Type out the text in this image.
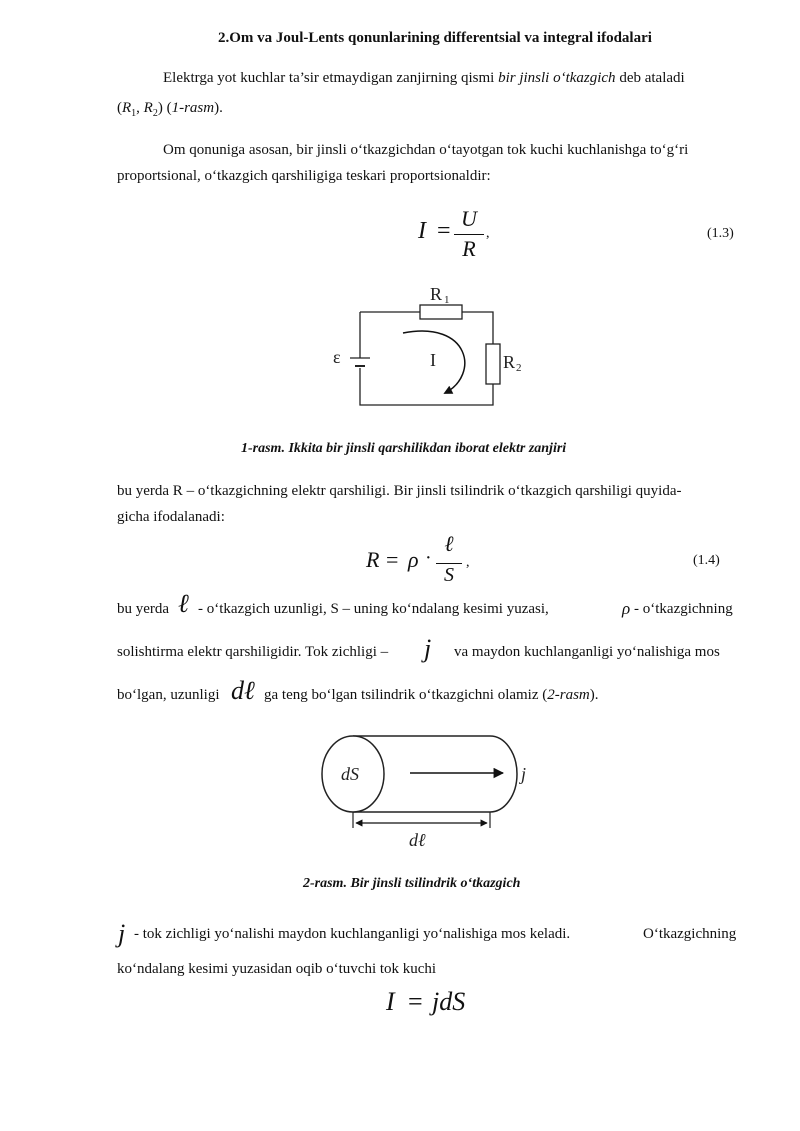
2.Om va Joul-Lents qonunlarining differentsial va integral ifodalari
Elektrga yot kuchlar ta’sir etmaydigan zanjirning qismi bir jinsli o‘tkazgich deb ataladi
($R_1$, $R_2$) (1-rasm).
Om qonuniga asosan, bir jinsli o‘tkazgichdan o‘tayotgan tok kuchi kuchlanishga to‘g‘ri
proportsional, o‘tkazgich qarshiligiga teskari proportsionaldir:
I = U
R
,	(1.3)
R 1
R 2
ε	I
1-rasm. Ikkita bir jinsli qarshilikdan iborat elektr zanjiri
bu yerda R – o‘tkazgichning elektr qarshiligi. Bir jinsli tsilindrik o‘tkazgich qarshiligi quyida-
gicha ifodalanadi:
R = ρ ·
ℓ
S
,	(1.4)
bu yerda ℓ - o‘tkazgich uzunligi, S – uning ko‘ndalang kesimi yuzasi,	ρ - o‘tkazgichning
solishtirma elektr qarshiligidir. Tok zichligi – j va maydon kuchlanganligi yo‘nalishiga mos
bo‘lgan, uzunligi dℓ ga teng bo‘lgan tsilindrik o‘tkazgichni olamiz (2-rasm).
dS	j
dℓ
2-rasm. Bir jinsli tsilindrik o‘tkazgich
j - tok zichligi yo‘nalishi maydon kuchlanganligi yo‘nalishiga mos keladi.	O‘tkazgichning
ko‘ndalang kesimi yuzasidan oqib o‘tuvchi tok kuchi
I = jdS
